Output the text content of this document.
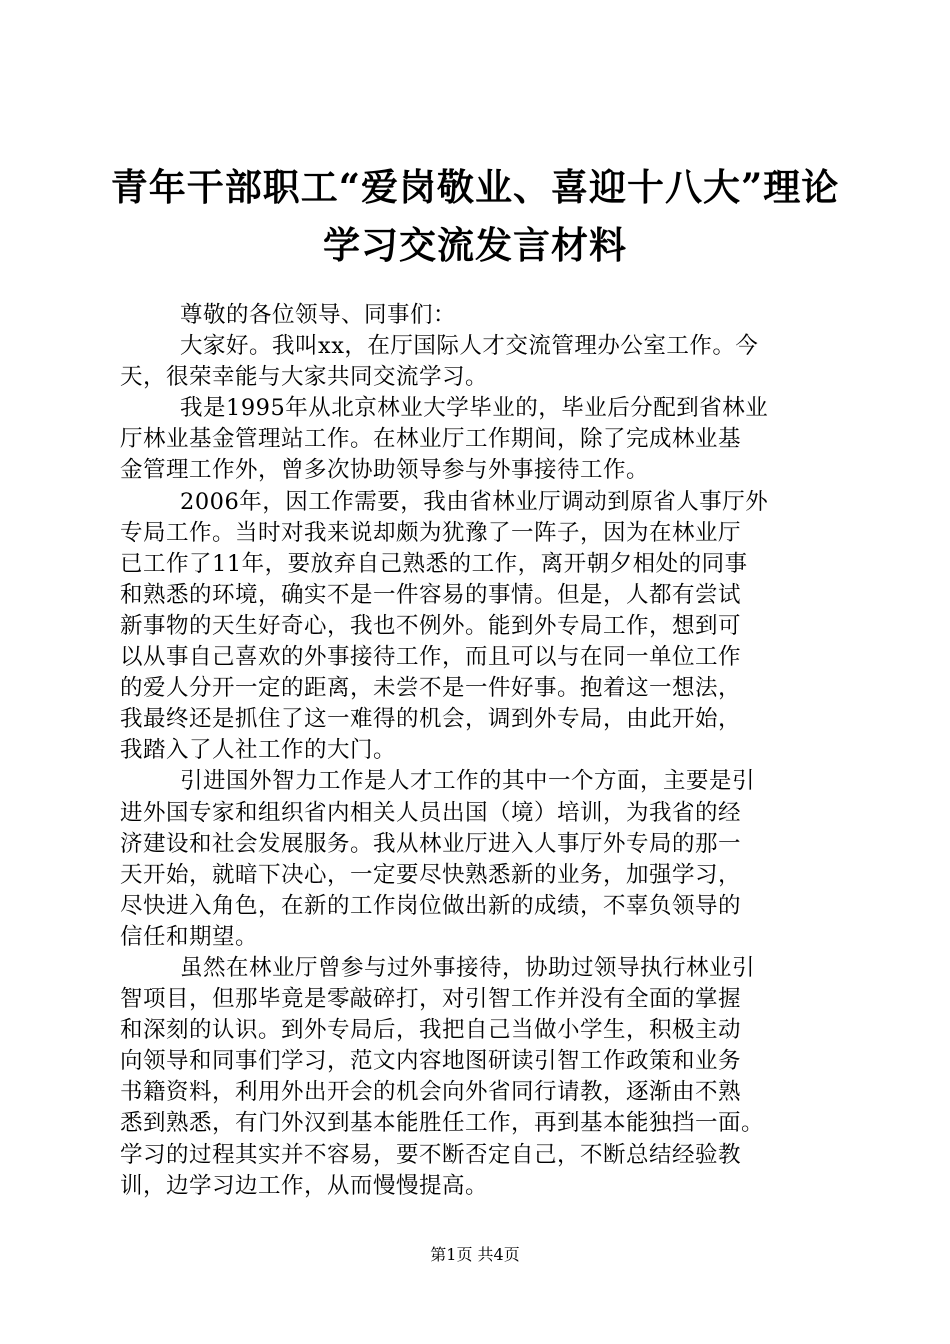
青年干部职工“爱岗敬业、喜迎十八大”理论
学习交流发言材料
尊敬的各位领导、同事们：
大家好。我叫xx，在厅国际人才交流管理办公室工作。今
天，很荣幸能与大家共同交流学习。
我是1995年从北京林业大学毕业的，毕业后分配到省林业
厅林业基金管理站工作。在林业厅工作期间，除了完成林业基
金管理工作外，曾多次协助领导参与外事接待工作。
2006年，因工作需要，我由省林业厅调动到原省人事厅外
专局工作。当时对我来说却颇为犹豫了一阵子，因为在林业厅
已工作了11年，要放弃自己熟悉的工作，离开朝夕相处的同事
和熟悉的环境，确实不是一件容易的事情。但是，人都有尝试
新事物的天生好奇心，我也不例外。能到外专局工作，想到可
以从事自己喜欢的外事接待工作，而且可以与在同一单位工作
的爱人分开一定的距离，未尝不是一件好事。抱着这一想法，
我最终还是抓住了这一难得的机会，调到外专局，由此开始，
我踏入了人社工作的大门。
引进国外智力工作是人才工作的其中一个方面，主要是引
进外国专家和组织省内相关人员出国（境）培训，为我省的经
济建设和社会发展服务。我从林业厅进入人事厅外专局的那一
天开始，就暗下决心，一定要尽快熟悉新的业务，加强学习，
尽快进入角色，在新的工作岗位做出新的成绩，不辜负领导的
信任和期望。
虽然在林业厅曾参与过外事接待，协助过领导执行林业引
智项目，但那毕竟是零敲碎打，对引智工作并没有全面的掌握
和深刻的认识。到外专局后，我把自己当做小学生，积极主动
向领导和同事们学习，范文内容地图研读引智工作政策和业务
书籍资料，利用外出开会的机会向外省同行请教，逐渐由不熟
悉到熟悉，有门外汉到基本能胜任工作，再到基本能独挡一面。
学习的过程其实并不容易，要不断否定自己，不断总结经验教
训，边学习边工作，从而慢慢提高。
第1页 共4页
